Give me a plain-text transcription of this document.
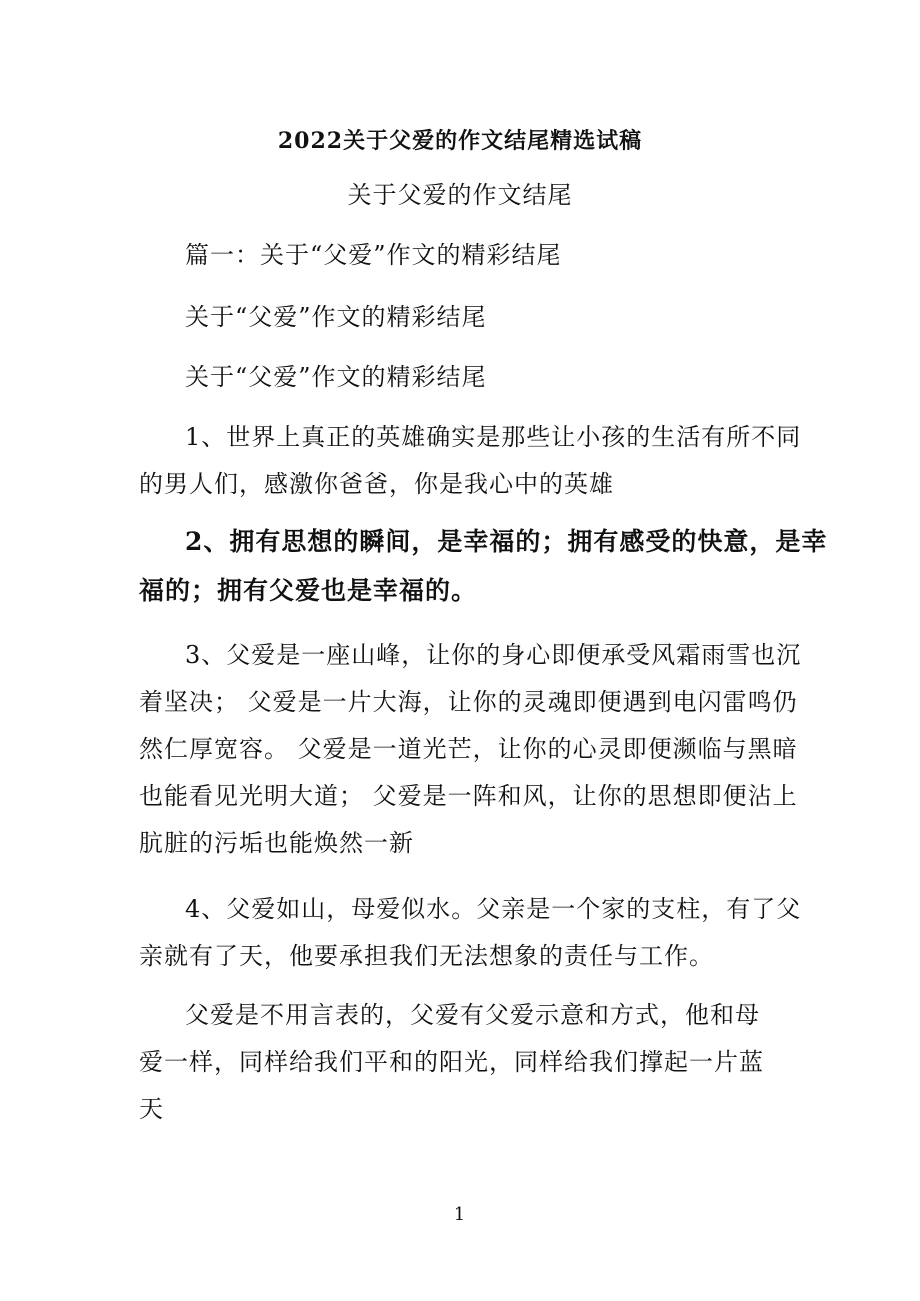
2022关于父爱的作文结尾精选试稿
关于父爱的作文结尾
篇一：关于“父爱”作文的精彩结尾
关于“父爱”作文的精彩结尾
关于“父爱”作文的精彩结尾
1、世界上真正的英雄确实是那些让小孩的生活有所不同
的男人们，感激你爸爸，你是我心中的英雄
2、拥有思想的瞬间，是幸福的；拥有感受的快意，是幸
福的；拥有父爱也是幸福的。
3、父爱是一座山峰，让你的身心即便承受风霜雨雪也沉
着坚决； 父爱是一片大海，让你的灵魂即便遇到电闪雷鸣仍
然仁厚宽容。 父爱是一道光芒，让你的心灵即便濒临与黑暗
也能看见光明大道； 父爱是一阵和风，让你的思想即便沾上
肮脏的污垢也能焕然一新
4、父爱如山，母爱似水。父亲是一个家的支柱，有了父
亲就有了天，他要承担我们无法想象的责任与工作。
父爱是不用言表的，父爱有父爱示意和方式，他和母
爱一样，同样给我们平和的阳光，同样给我们撑起一片蓝
天
1
